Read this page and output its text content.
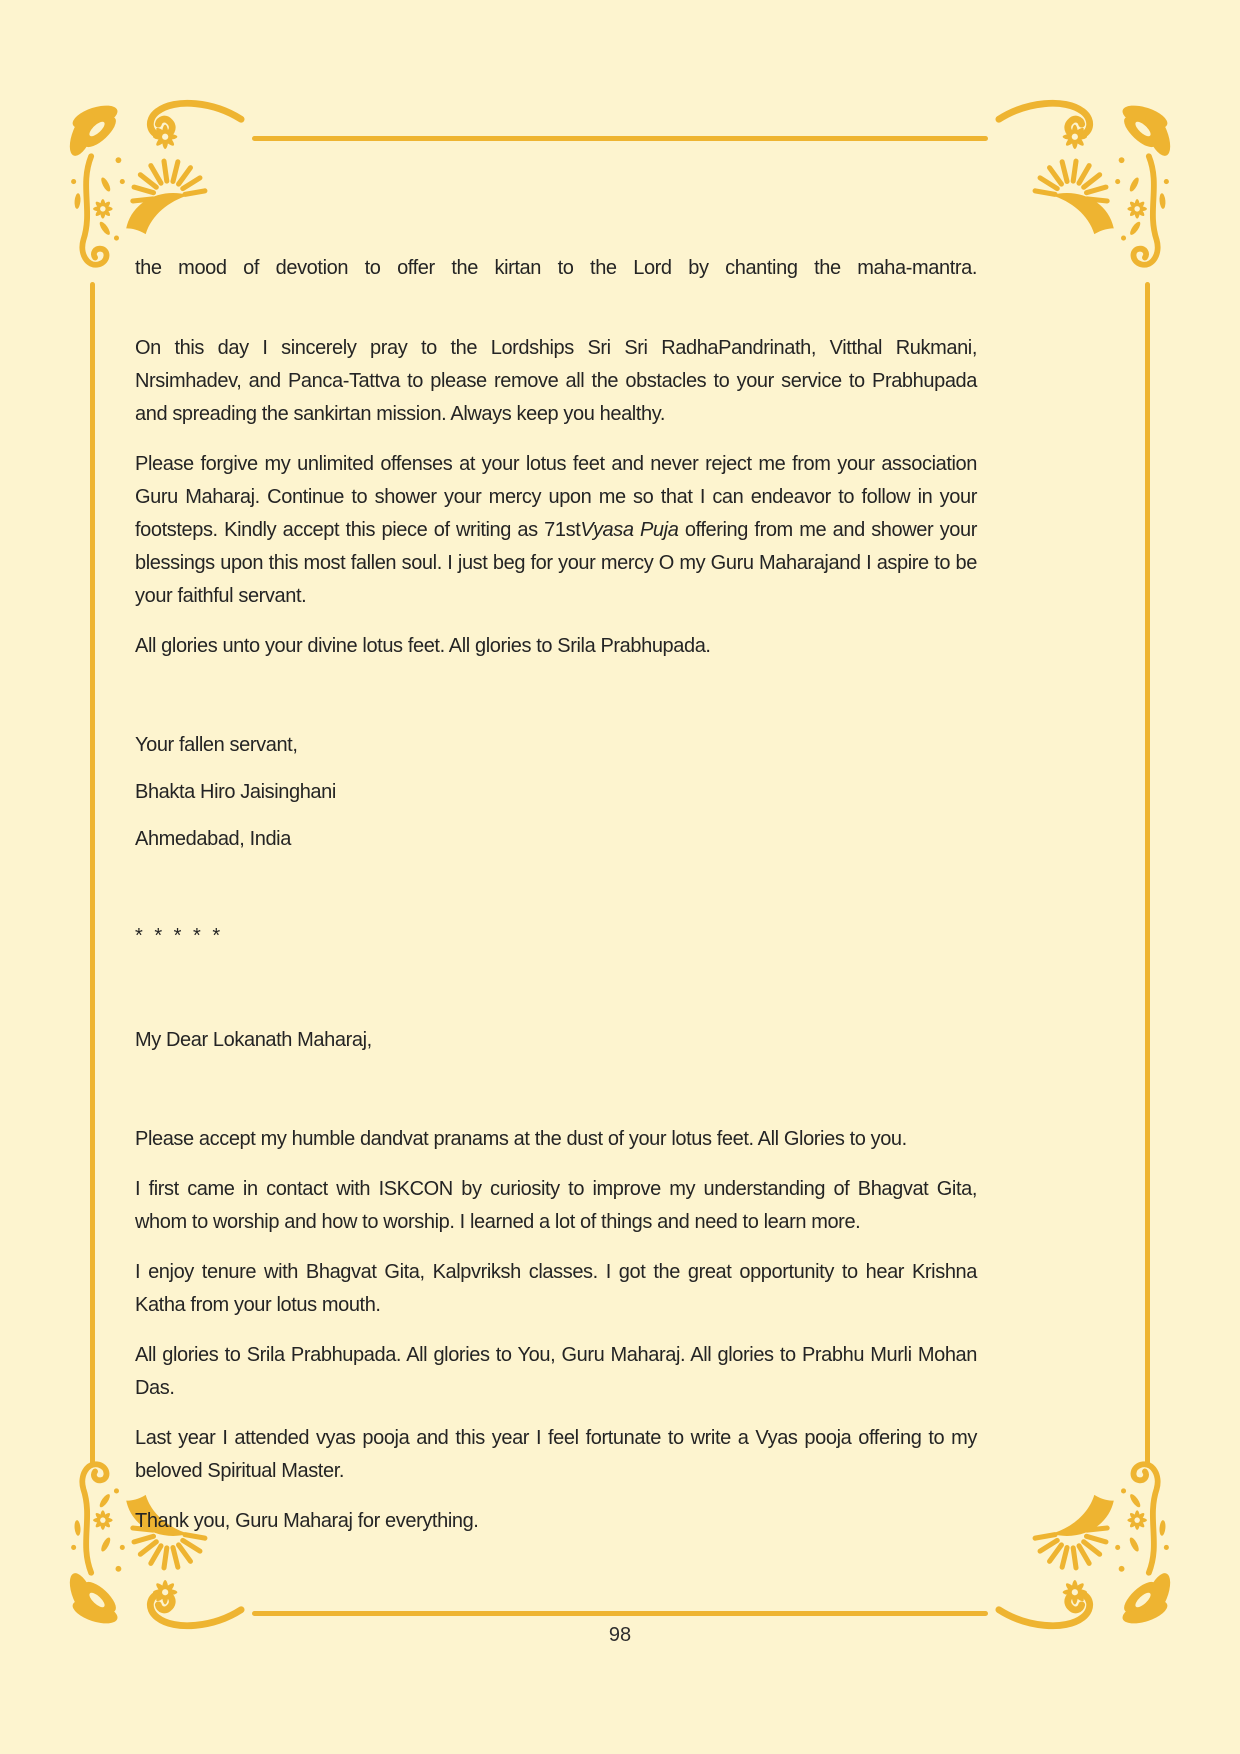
the mood of devotion to offer the kirtan to the Lord by chanting the maha-mantra.

On this day I sincerely pray to the Lordships Sri Sri RadhaPandrinath, Vitthal Rukmani, Nrsimhadev, and Panca-Tattva to please remove all the obstacles to your service to Prabhupada and spreading the sankirtan mission. Always keep you healthy.

Please forgive my unlimited offenses at your lotus feet and never reject me from your association Guru Maharaj. Continue to shower your mercy upon me so that I can endeavor to follow in your footsteps. Kindly accept this piece of writing as 71stVyasa Puja offering from me and shower your blessings upon this most fallen soul. I just beg for your mercy O my Guru Maharajand I aspire to be your faithful servant.

All glories unto your divine lotus feet. All glories to Srila Prabhupada.

Your fallen servant,

Bhakta Hiro Jaisinghani

Ahmedabad, India

* * * * *

My Dear Lokanath Maharaj,

Please accept my humble dandvat pranams at the dust of your lotus feet. All Glories to you.

I first came in contact with ISKCON by curiosity to improve my understanding of Bhagvat Gita, whom to worship and how to worship. I learned a lot of things and need to learn more.

I enjoy tenure with Bhagvat Gita, Kalpvriksh classes. I got the great opportunity to hear Krishna Katha from your lotus mouth.

All glories to Srila Prabhupada. All glories to You, Guru Maharaj. All glories to Prabhu Murli Mohan Das.

Last year I attended vyas pooja and this year I feel fortunate to write a Vyas pooja offering to my beloved Spiritual Master.

Thank you, Guru Maharaj for everything.

98
